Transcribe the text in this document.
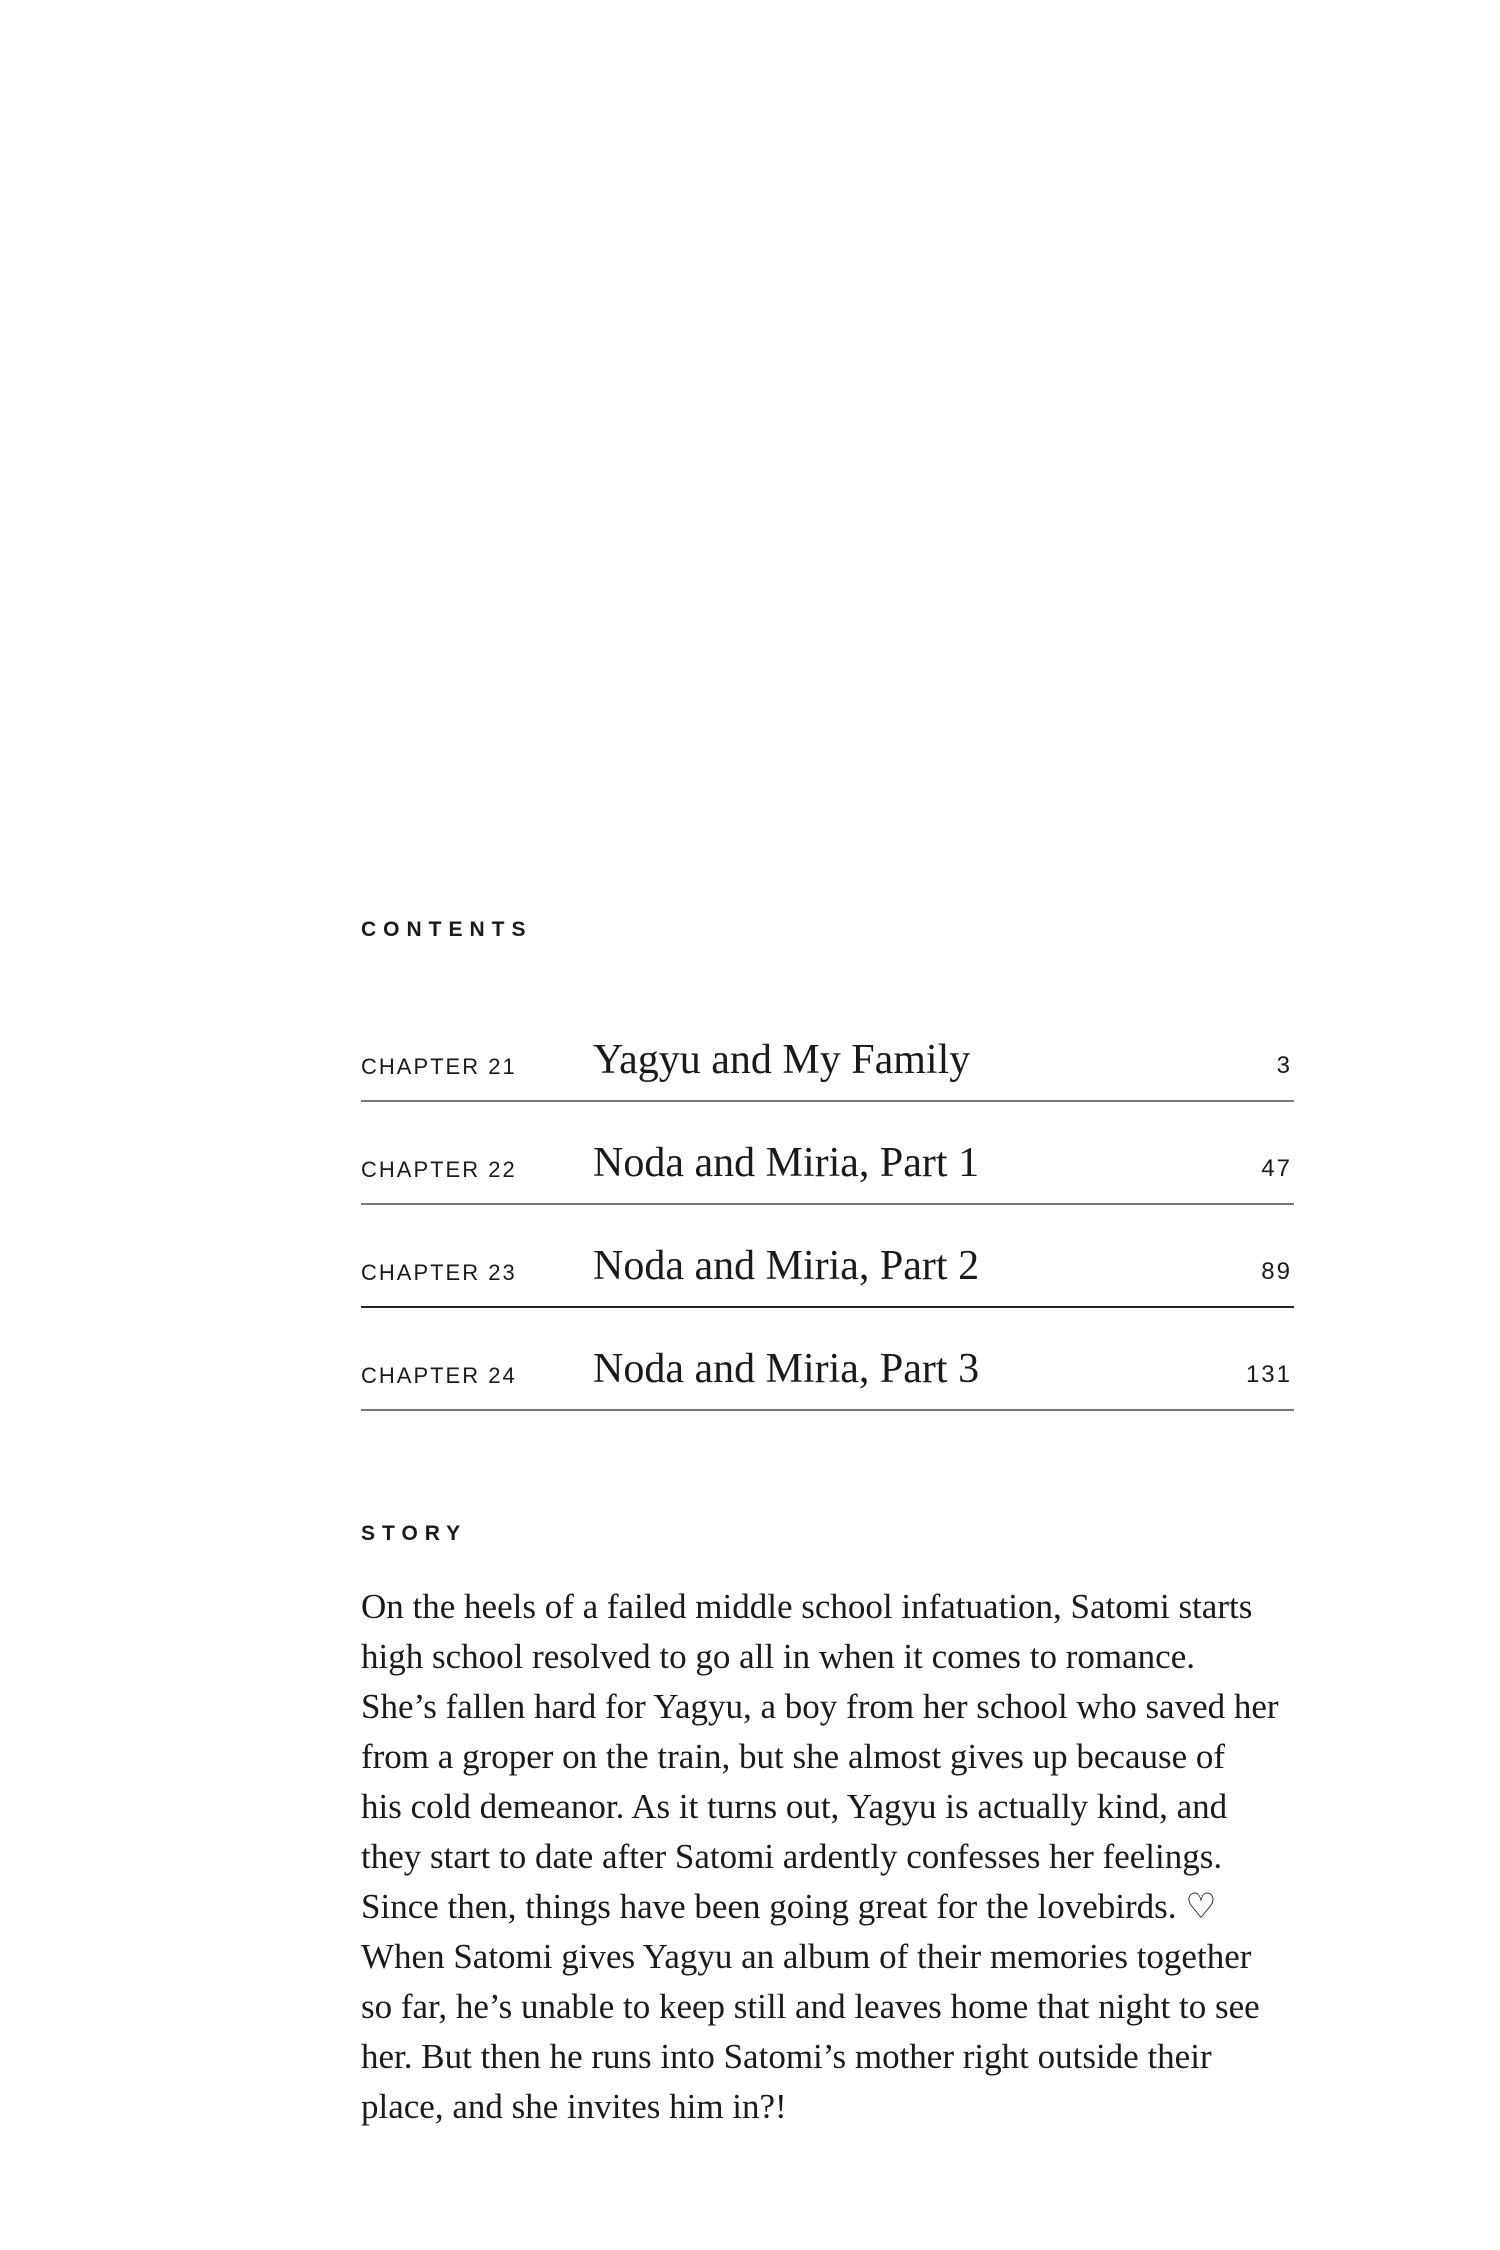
CONTENTS
CHAPTER 21 Yagyu and My Family	3
CHAPTER 22 Noda and Miria, Part 1	47
CHAPTER 23 Noda and Miria, Part 2	89
CHAPTER 24 Noda and Miria, Part 3	131
STORY
On the heels of a failed middle school infatuation, Satomi starts
high school resolved to go all in when it comes to romance.
She’s fallen hard for Yagyu, a boy from her school who saved her
from a groper on the train, but she almost gives up because of
his cold demeanor. As it turns out, Yagyu is actually kind, and
they start to date after Satomi ardently confesses her feelings.
Since then, things have been going great for the lovebirds. ♡
When Satomi gives Yagyu an album of their memories together
so far, he’s unable to keep still and leaves home that night to see
her. But then he runs into Satomi’s mother right outside their
place, and she invites him in?!
